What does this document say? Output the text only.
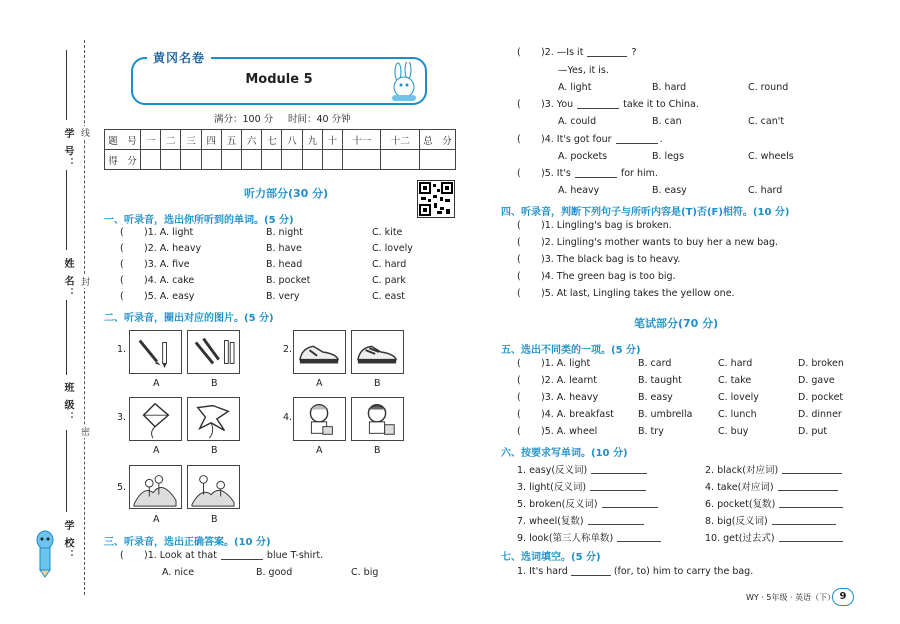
学 号：
姓 名：
班 级：
学 校：
线
封
密
黄冈名卷
Module 5
满分：100 分 时间：40 分钟
题　号	一	二	三	四	五	六	七	八	九	十	十一	十二	总　分
得　分													
听力部分(30 分)
一、听录音，选出你所听到的单词。(5 分)
(	)1. A. light	B. night	C. kite
(	)2. A. heavy	B. have	C. lovely
(	)3. A. five	B. head	C. hard
(	)4. A. cake	B. pocket	C. park
(	)5. A. easy	B. very	C. east
二、听录音，圈出对应的图片。(5 分)
1.
A	B
2.
A	B
3.
A	B
4.
A	B
5.
A	B
三、听录音，选出正确答案。(10 分)
(	)1. Look at that	blue T-shirt.
A. nice	B. good	C. big
(	)2. —Is it	?
—Yes, it is.
A. light	B. hard	C. round
(	)3. You	take it to China.
A. could	B. can	C. can't
(	)4. It's got four	.
A. pockets	B. legs	C. wheels
(	)5. It's	for him.
A. heavy	B. easy	C. hard
四、听录音，判断下列句子与所听内容是(T)否(F)相符。(10 分)
(	)1. Lingling's bag is broken.
(	)2. Lingling's mother wants to buy her a new bag.
(	)3. The black bag is to heavy.
(	)4. The green bag is too big.
(	)5. At last, Lingling takes the yellow one.
笔试部分(70 分)
五、选出不同类的一项。(5 分)
(	)1. A. light	B. card	C. hard	D. broken
(	)2. A. learnt	B. taught	C. take	D. gave
(	)3. A. heavy	B. easy	C. lovely	D. pocket
(	)4. A. breakfast	B. umbrella	C. lunch	D. dinner
(	)5. A. wheel	B. try	C. buy	D. put
六、按要求写单词。(10 分)
1. easy(反义词)	2. black(对应词)
3. light(反义词)	4. take(对应词)
5. broken(反义词)	6. pocket(复数)
7. wheel(复数)	8. big(反义词)
9. look(第三人称单数)	10. get(过去式)
七、选词填空。(5 分)
1. It's hard	(for, to) him to carry the bag.
WY · 5年级 · 英语（下） 9
